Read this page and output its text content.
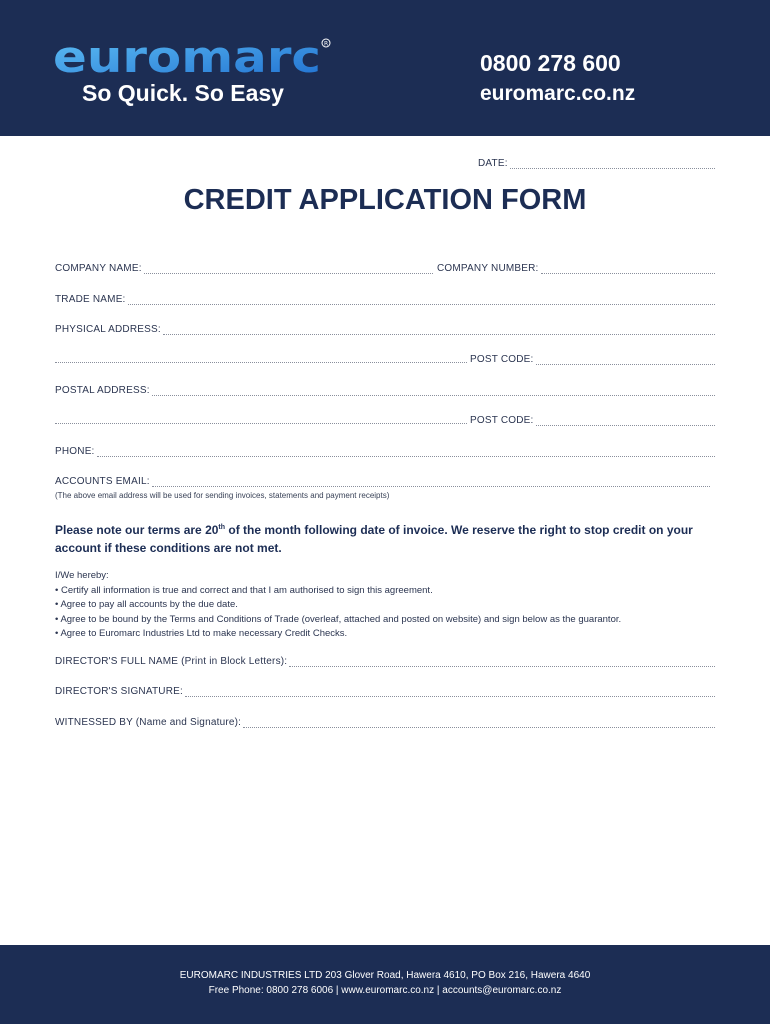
euromarc R
So Quick. So Easy
0800 278 600
euromarc.co.nz
DATE:
CREDIT APPLICATION FORM
COMPANY NAME:	COMPANY NUMBER:
TRADE NAME:
PHYSICAL ADDRESS:
POST CODE:
POSTAL ADDRESS:
POST CODE:
PHONE:
ACCOUNTS EMAIL:
(The above email address will be used for sending invoices, statements and payment receipts)
Please note our terms are 20th of the month following date of invoice. We reserve the right to stop credit on your account if these conditions are not met.
I/We hereby:
• Certify all information is true and correct and that I am authorised to sign this agreement.
• Agree to pay all accounts by the due date.
• Agree to be bound by the Terms and Conditions of Trade (overleaf, attached and posted on website) and sign below as the guarantor.
• Agree to Euromarc Industries Ltd to make necessary Credit Checks.
DIRECTOR'S FULL NAME (Print in Block Letters):
DIRECTOR'S SIGNATURE:
WITNESSED BY (Name and Signature):
EUROMARC INDUSTRIES LTD 203 Glover Road, Hawera 4610, PO Box 216, Hawera 4640
Free Phone: 0800 278 6006 | www.euromarc.co.nz | accounts@euromarc.co.nz
